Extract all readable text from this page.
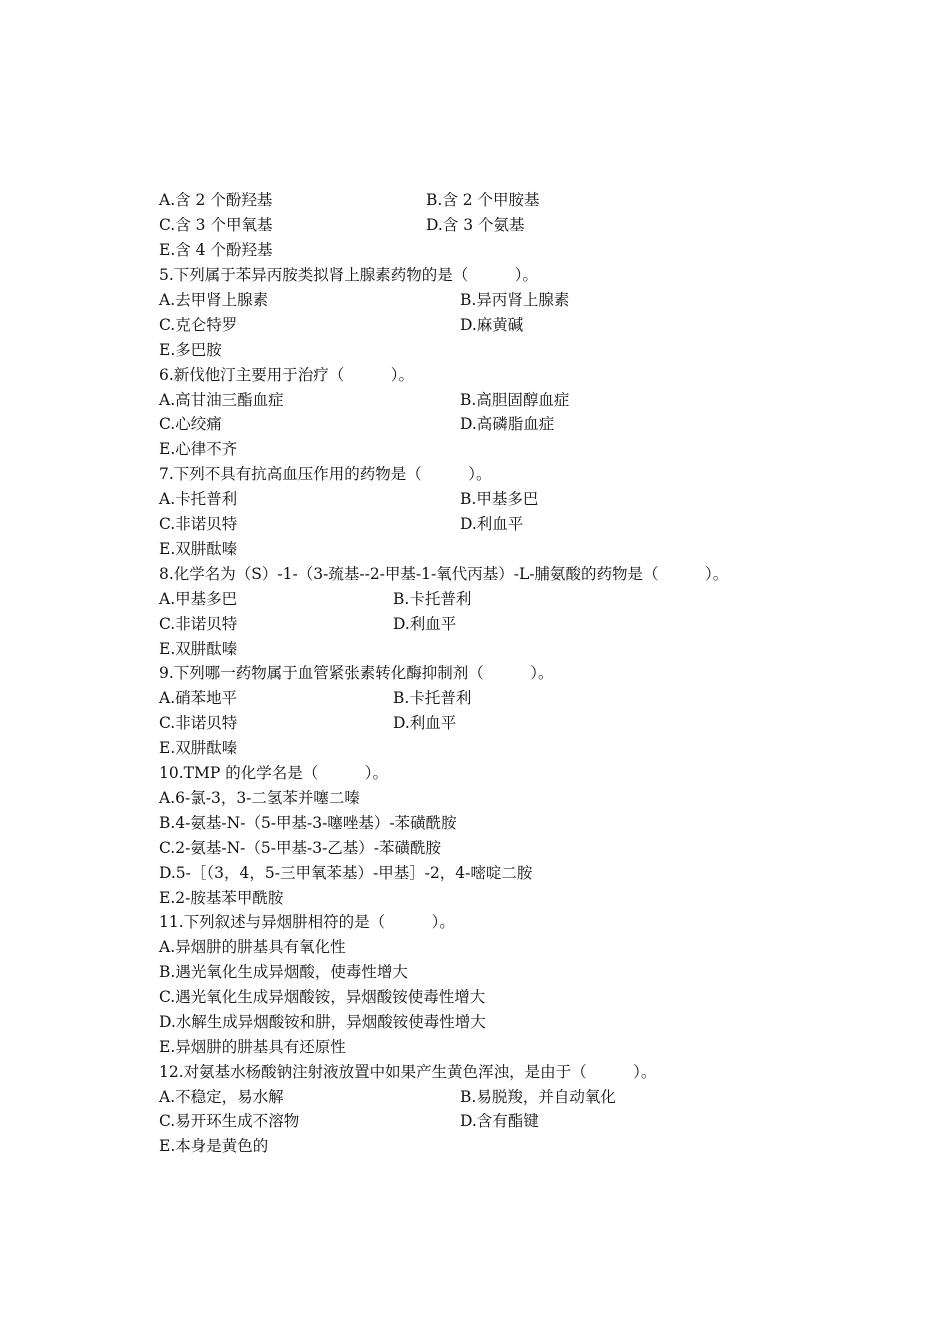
A.含 2 个酚羟基	B.含 2 个甲胺基
C.含 3 个甲氧基	D.含 3 个氨基
E.含 4 个酚羟基
5.下列属于苯异丙胺类拟肾上腺素药物的是（　　　）。
A.去甲肾上腺素	B.异丙肾上腺素
C.克仑特罗	D.麻黄碱
E.多巴胺
6.新伐他汀主要用于治疗（　　　）。
A.高甘油三酯血症	B.高胆固醇血症
C.心绞痛	D.高磷脂血症
E.心律不齐
7.下列不具有抗高血压作用的药物是（　　　）。
A.卡托普利	B.甲基多巴
C.非诺贝特	D.利血平
E.双肼酞嗪
8.化学名为（S）-1-（3-巯基--2-甲基-1-氧代丙基）-L-脯氨酸的药物是（　　　）。
A.甲基多巴	B.卡托普利
C.非诺贝特	D.利血平
E.双肼酞嗪
9.下列哪一药物属于血管紧张素转化酶抑制剂（　　　）。
A.硝苯地平	B.卡托普利
C.非诺贝特	D.利血平
E.双肼酞嗪
10.TMP 的化学名是（　　　）。
A.6-氯-3，3-二氢苯并噻二嗪
B.4-氨基-N-（5-甲基-3-噻唑基）-苯磺酰胺
C.2-氨基-N-（5-甲基-3-乙基）-苯磺酰胺
D.5-［（3，4，5-三甲氧苯基）-甲基］-2，4-嘧啶二胺
E.2-胺基苯甲酰胺
11.下列叙述与异烟肼相符的是（　　　）。
A.异烟肼的肼基具有氧化性
B.遇光氧化生成异烟酸，使毒性增大
C.遇光氧化生成异烟酸铵，异烟酸铵使毒性增大
D.水解生成异烟酸铵和肼，异烟酸铵使毒性增大
E.异烟肼的肼基具有还原性
12.对氨基水杨酸钠注射液放置中如果产生黄色浑浊，是由于（　　　）。
A.不稳定，易水解	B.易脱羧，并自动氧化
C.易开环生成不溶物	D.含有酯键
E.本身是黄色的
